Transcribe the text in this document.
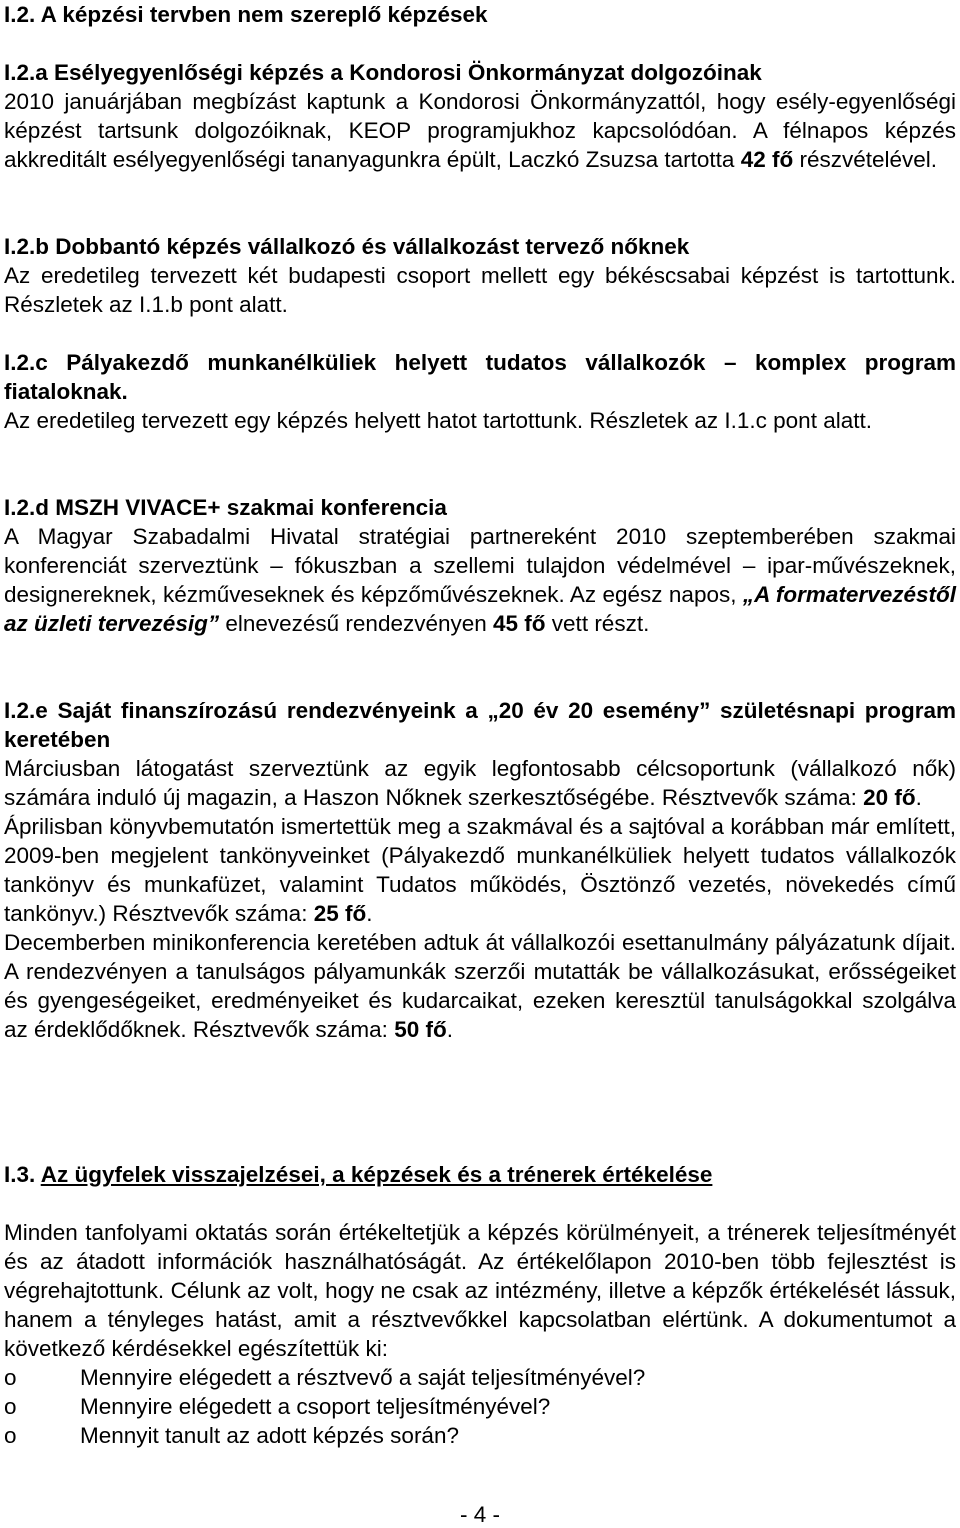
I.2. A képzési tervben nem szereplő képzések

I.2.a Esélyegyenlőségi képzés a Kondorosi Önkormányzat dolgozóinak

2010 januárjában megbízást kaptunk a Kondorosi Önkormányzattól, hogy esély-egyenlőségi képzést tartsunk dolgozóiknak, KEOP programjukhoz kapcsolódóan. A félnapos képzés akkreditált esélyegyenlőségi tananyagunkra épült, Laczkó Zsuzsa tartotta 42 fő részvételével.

I.2.b Dobbantó képzés vállalkozó és vállalkozást tervező nőknek

Az eredetileg tervezett két budapesti csoport mellett egy békéscsabai képzést is tartottunk. Részletek az I.1.b pont alatt.

I.2.c Pályakezdő munkanélküliek helyett tudatos vállalkozók – komplex program fiataloknak.

Az eredetileg tervezett egy képzés helyett hatot tartottunk. Részletek az I.1.c pont alatt.

I.2.d MSZH VIVACE+ szakmai konferencia

A Magyar Szabadalmi Hivatal stratégiai partnereként 2010 szeptemberében szakmai konferenciát szerveztünk – fókuszban a szellemi tulajdon védelmével – ipar-művészeknek, designereknek, kézműveseknek és képzőművészeknek. Az egész napos, „A formatervezéstől az üzleti tervezésig” elnevezésű rendezvényen 45 fő vett részt.

I.2.e Saját finanszírozású rendezvényeink a „20 év 20 esemény” születésnapi program keretében

Márciusban látogatást szerveztünk az egyik legfontosabb célcsoportunk (vállalkozó nők) számára induló új magazin, a Haszon Nőknek szerkesztőségébe. Résztvevők száma: 20 fő.

Áprilisban könyvbemutatón ismertettük meg a szakmával és a sajtóval a korábban már említett, 2009-ben megjelent tankönyveinket (Pályakezdő munkanélküliek helyett tudatos vállalkozók tankönyv és munkafüzet, valamint Tudatos működés, Ösztönző vezetés, növekedés című tankönyv.) Résztvevők száma: 25 fő.

Decemberben minikonferencia keretében adtuk át vállalkozói esettanulmány pályázatunk díjait. A rendezvényen a tanulságos pályamunkák szerzői mutatták be vállalkozásukat, erősségeiket és gyengeségeiket, eredményeiket és kudarcaikat, ezeken keresztül tanulságokkal szolgálva az érdeklődőknek. Résztvevők száma: 50 fő.

I.3. Az ügyfelek visszajelzései, a képzések és a trénerek értékelése

Minden tanfolyami oktatás során értékeltetjük a képzés körülményeit, a trénerek teljesítményét és az átadott információk használhatóságát. Az értékelőlapon 2010-ben több fejlesztést is végrehajtottunk. Célunk az volt, hogy ne csak az intézmény, illetve a képzők értékelését lássuk, hanem a tényleges hatást, amit a résztvevőkkel kapcsolatban elértünk. A dokumentumot a következő kérdésekkel egészítettük ki:

o	Mennyire elégedett a résztvevő a saját teljesítményével?
o	Mennyire elégedett a csoport teljesítményével?
o	Mennyit tanult az adott képzés során?
- 4 -
